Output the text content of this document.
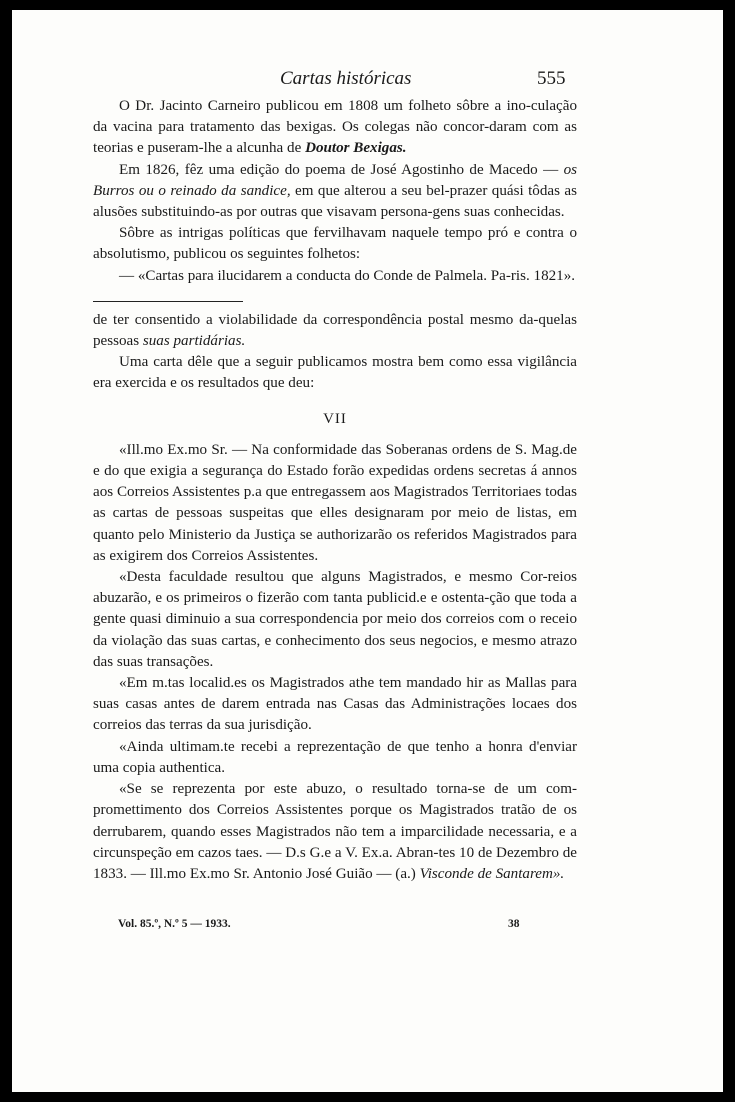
Cartas históricas	555

O Dr. Jacinto Carneiro publicou em 1808 um folheto sôbre a ino-culação da vacina para tratamento das bexigas. Os colegas não concor-daram com as teorias e puseram-lhe a alcunha de Doutor Bexigas.

Em 1826, fêz uma edição do poema de José Agostinho de Macedo — os Burros ou o reinado da sandice, em que alterou a seu bel-prazer quási tôdas as alusões substituindo-as por outras que visavam persona-gens suas conhecidas.

Sôbre as intrigas políticas que fervilhavam naquele tempo pró e contra o absolutismo, publicou os seguintes folhetos:

— «Cartas para ilucidarem a conducta do Conde de Palmela. Pa-ris. 1821».

de ter consentido a violabilidade da correspondência postal mesmo da-quelas pessoas suas partidárias.

Uma carta dêle que a seguir publicamos mostra bem como essa vigilância era exercida e os resultados que deu:

VII

«Ill.mo Ex.mo Sr. — Na conformidade das Soberanas ordens de S. Mag.de e do que exigia a segurança do Estado forão expedidas ordens secretas á annos aos Correios Assistentes p.a que entregassem aos Magistrados Territoriaes todas as cartas de pessoas suspeitas que elles designaram por meio de listas, em quanto pelo Ministerio da Justiça se authorizarão os referidos Magistrados para as exigirem dos Correios Assistentes.

«Desta faculdade resultou que alguns Magistrados, e mesmo Cor-reios abuzarão, e os primeiros o fizerão com tanta publicid.e e ostenta-ção que toda a gente quasi diminuio a sua correspondencia por meio dos correios com o receio da violação das suas cartas, e conhecimento dos seus negocios, e mesmo atrazo das suas transações.

«Em m.tas localid.es os Magistrados athe tem mandado hir as Mallas para suas casas antes de darem entrada nas Casas das Administrações locaes dos correios das terras da sua jurisdição.

«Ainda ultimam.te recebi a reprezentação de que tenho a honra d'enviar uma copia authentica.

«Se se reprezenta por este abuzo, o resultado torna-se de um com-promettimento dos Correios Assistentes porque os Magistrados tratão de os derrubarem, quando esses Magistrados não tem a imparcilidade necessaria, e a circunspeção em cazos taes. — D.s G.e a V. Ex.a. Abran-tes 10 de Dezembro de 1833. — Ill.mo Ex.mo Sr. Antonio José Guião — (a.) Visconde de Santarem».

Vol. 85.º, N.º 5 — 1933.	38
